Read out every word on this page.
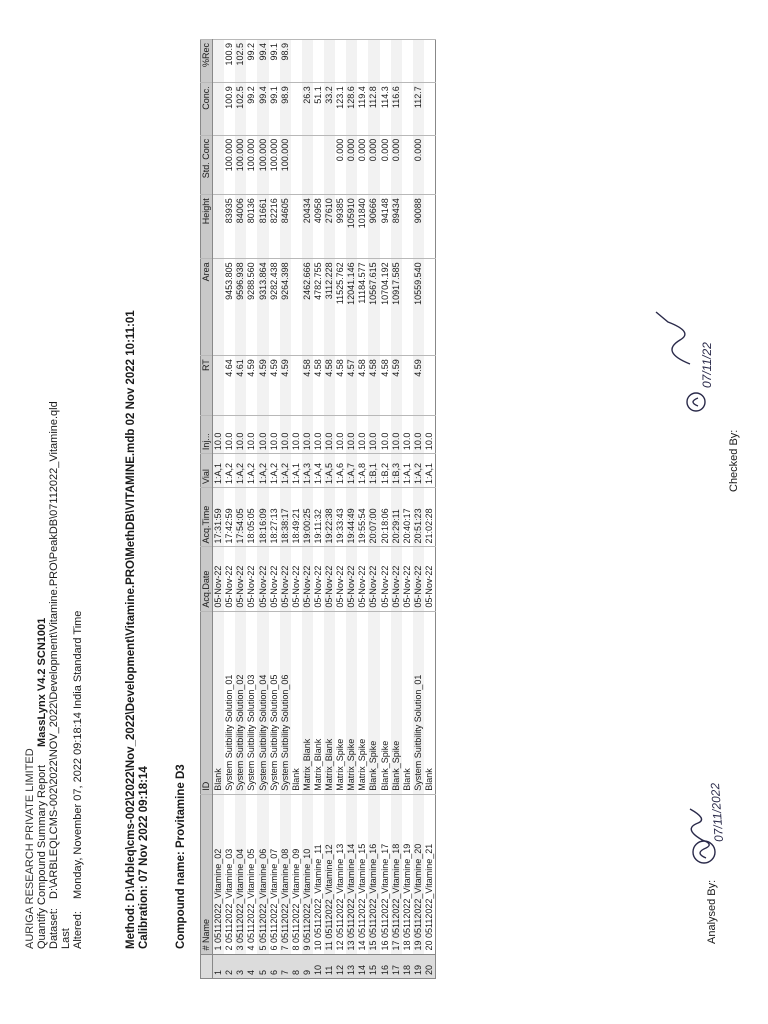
AURIGA RESEARCH PRIVATE LIMITED Quantify Compound Summary ReportMassLynx V4.2 SCN1001
Dataset:D:\ARBLEQLCMS-002\2022\NOV_2022\Development\Vitamine.PRO\PeakDB\07112022_Vitamine.qld
Last Altered:Monday, November 07, 2022 09:18:14 India Standard Time	Method: D:\Arbleq\cms-002\2022\Nov_2022\Development\Vitamine.PRO\MethDB\VITAMINE.mdb 02 Nov 2022 10:11:01 Calibration: 07 Nov 2022 09:18:14 Compound name: Provitamine D3
	# Name	ID	Acq.Date	Acq.Time	Vial	Inj...	RT	Area	Height	Std. Conc	Conc.	%Rec
1	1 05112022_Vitamine_02	Blank	05-Nov-22	17:31:59	1:A,1	10.0						
2	2 05112022_Vitamine_03	System Suitbility Solution_01	05-Nov-22	17:42:59	1:A,2	10.0	4.64	9453.805	83935	100.000	100.9	100.9
3	3 05112022_Vitamine_04	System Suitbility Solution_02	05-Nov-22	17:54:05	1:A,2	10.0	4.61	9596.938	84006	100.000	102.5	102.5
4	4 05112022_Vitamine_05	System Suitbility Solution_03	05-Nov-22	18:05:05	1:A,2	10.0	4.59	9288.560	80136	100.000	99.2	99.2
5	5 05112022_Vitamine_06	System Suitbility Solution_04	05-Nov-22	18:16:09	1:A,2	10.0	4.59	9313.864	81661	100.000	99.4	99.4
6	6 05112022_Vitamine_07	System Suitbility Solution_05	05-Nov-22	18:27:13	1:A,2	10.0	4.59	9282.438	82216	100.000	99.1	99.1
7	7 05112022_Vitamine_08	System Suitbility Solution_06	05-Nov-22	18:38:17	1:A,2	10.0	4.59	9264.398	84605	100.000	98.9	98.9
8	8 05112022_Vitamine_09	Blank	05-Nov-22	18:49:21	1:A,1	10.0						
9	9 05112022_Vitamine_10	Matrix_Blank	05-Nov-22	19:00:25	1:A,3	10.0	4.58	2462.666	20434		26.3	
10	10 05112022_Vitamine_11	Matrix_Blank	05-Nov-22	19:11:32	1:A,4	10.0	4.58	4782.755	40958		51.1	
11	11 05112022_Vitamine_12	Matrix_Blank	05-Nov-22	19:22:38	1:A,5	10.0	4.58	3112.228	27610		33.2	
12	12 05112022_Vitamine_13	Matrix_Spike	05-Nov-22	19:33:43	1:A,6	10.0	4.58	11525.762	99385	0.000	123.1	
13	13 05112022_Vitamine_14	Matrix_Spike	05-Nov-22	19:44:49	1:A,7	10.0	4.57	12041.146	105910	0.000	128.6	
14	14 05112022_Vitamine_15	Matrix_Spike	05-Nov-22	19:55:54	1:A,8	10.0	4.58	11184.577	101840	0.000	119.4	
15	15 05112022_Vitamine_16	Blank_Spike	05-Nov-22	20:07:00	1:B,1	10.0	4.58	10567.615	90666	0.000	112.8	
16	16 05112022_Vitamine_17	Blank_Spike	05-Nov-22	20:18:06	1:B,2	10.0	4.58	10704.192	94148	0.000	114.3	
17	17 05112022_Vitamine_18	Blank_Spike	05-Nov-22	20:29:11	1:B,3	10.0	4.59	10917.585	89434	0.000	116.6	
18	18 05112022_Vitamine_19	Blank	05-Nov-22	20:40:17	1:A,1	10.0						
19	19 05112022_Vitamine_20	System Suitbility Solution_01	05-Nov-22	20:51:23	1:A,2	10.0	4.59	10559.540	90088	0.000	112.7	
20	20 05112022_Vitamine_21	Blank	05-Nov-22	21:02:28	1:A,1	10.0						
Analysed By:
07/11/2022
Checked By:
07/11/22
